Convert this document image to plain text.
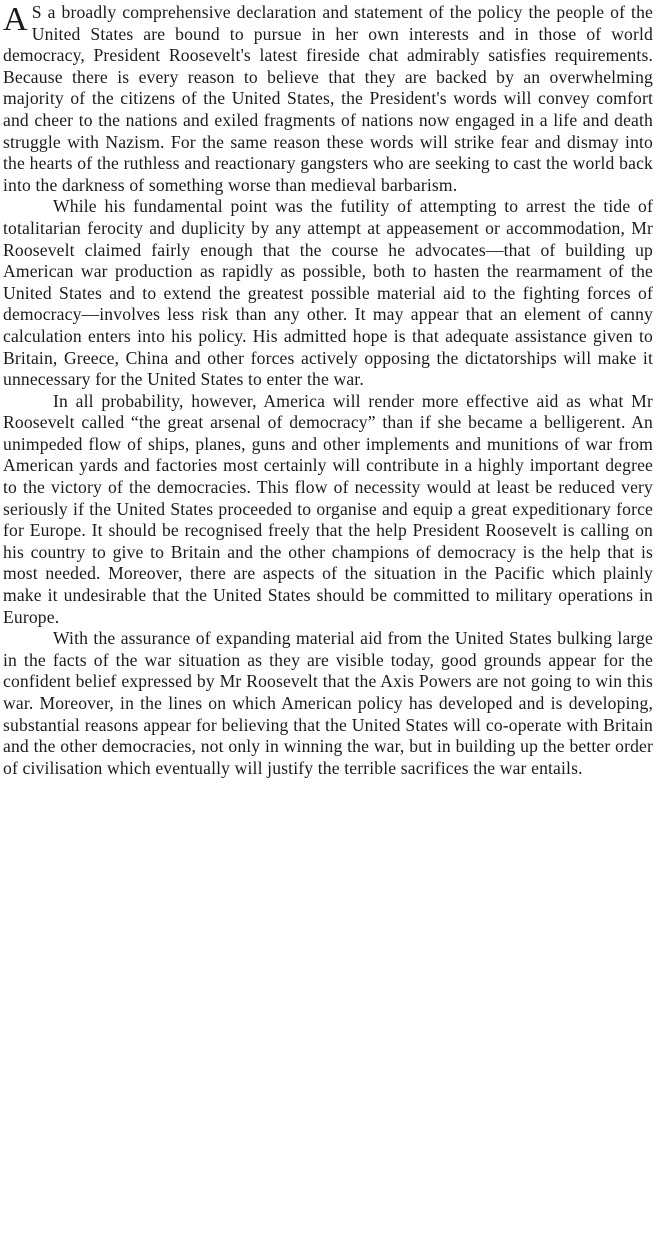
A S a broadly comprehensive declaration and statement of the policy the people of the United States are bound to pursue in her own interests and in those of world democracy, President Roosevelt's latest fireside chat admirably satisfies requirements. Because there is every reason to believe that they are backed by an overwhelming majority of the citizens of the United States, the President's words will convey comfort and cheer to the nations and exiled fragments of nations now engaged in a life and death struggle with Nazism. For the same reason these words will strike fear and dismay into the hearts of the ruthless and reactionary gangsters who are seeking to cast the world back into the darkness of something worse than medieval barbarism.

While his fundamental point was the futility of attempting to arrest the tide of totalitarian ferocity and duplicity by any attempt at appeasement or accommodation, Mr Roosevelt claimed fairly enough that the course he advocates—that of building up American war production as rapidly as possible, both to hasten the rearmament of the United States and to extend the greatest possible material aid to the fighting forces of democracy—involves less risk than any other. It may appear that an element of canny calculation enters into his policy. His admitted hope is that adequate assistance given to Britain, Greece, China and other forces actively opposing the dictatorships will make it unnecessary for the United States to enter the war.

In all probability, however, America will render more effective aid as what Mr Roosevelt called “the great arsenal of democracy” than if she became a belligerent. An unimpeded flow of ships, planes, guns and other implements and munitions of war from American yards and factories most certainly will contribute in a highly important degree to the victory of the democracies. This flow of necessity would at least be reduced very seriously if the United States proceeded to organise and equip a great expeditionary force for Europe. It should be recognised freely that the help President Roosevelt is calling on his country to give to Britain and the other champions of democracy is the help that is most needed. Moreover, there are aspects of the situation in the Pacific which plainly make it undesirable that the United States should be committed to military operations in Europe.

With the assurance of expanding material aid from the United States bulking large in the facts of the war situation as they are visible today, good grounds appear for the confident belief expressed by Mr Roosevelt that the Axis Powers are not going to win this war. Moreover, in the lines on which American policy has developed and is developing, substantial reasons appear for believing that the United States will co-operate with Britain and the other democracies, not only in winning the war, but in building up the better order of civilisation which eventually will justify the terrible sacrifices the war entails.
